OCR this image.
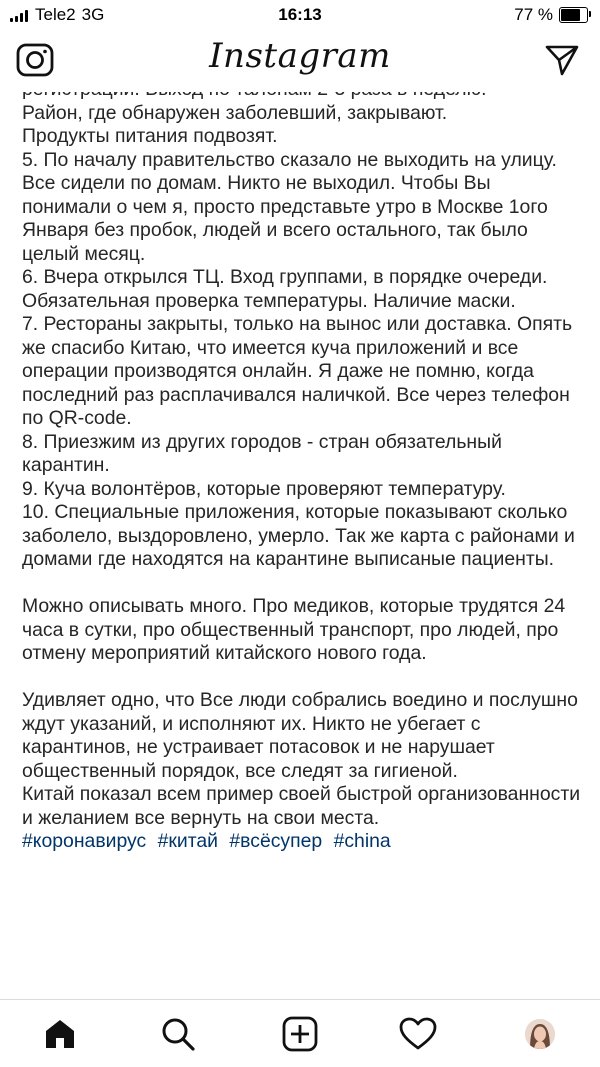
Tele2 3G	16:13	77 %
Instagram

Район, где обнаружен заболевший, закрывают.

Продукты питания подвозят.

5. По началу правительство сказало не выходить на улицу. Все сидели по домам. Никто не выходил. Чтобы Вы понимали о чем я, просто представьте утро в Москве 1ого Января без пробок, людей и всего остального, так было целый месяц.

6. Вчера открылся ТЦ. Вход группами, в порядке очереди. Обязательная проверка температуры. Наличие маски.

7. Рестораны закрыты, только на вынос или доставка. Опять же спасибо Китаю, что имеется куча приложений и все операции производятся онлайн. Я даже не помню, когда последний раз расплачивался наличкой. Все через телефон по QR-code.

8. Приезжим из других городов - стран обязательный карантин.

9. Куча волонтёров, которые проверяют температуру.

10. Специальные приложения, которые показывают сколько заболело, выздоровлено, умерло. Так же карта с районами и домами где находятся на карантине выписаные пациенты.

Можно описывать много. Про медиков, которые трудятся 24 часа в сутки, про общественный транспорт, про людей, про отмену мероприятий китайского нового года.

Удивляет одно, что Все люди собрались воедино и послушно ждут указаний, и исполняют их. Никто не убегает с карантинов, не устраивает потасовок и не нарушает общественный порядок, все следят за гигиеной.

Китай показал всем пример своей быстрой организованности и желанием все вернуть на свои места.

#коронавирус #китай #всёсупер #china
